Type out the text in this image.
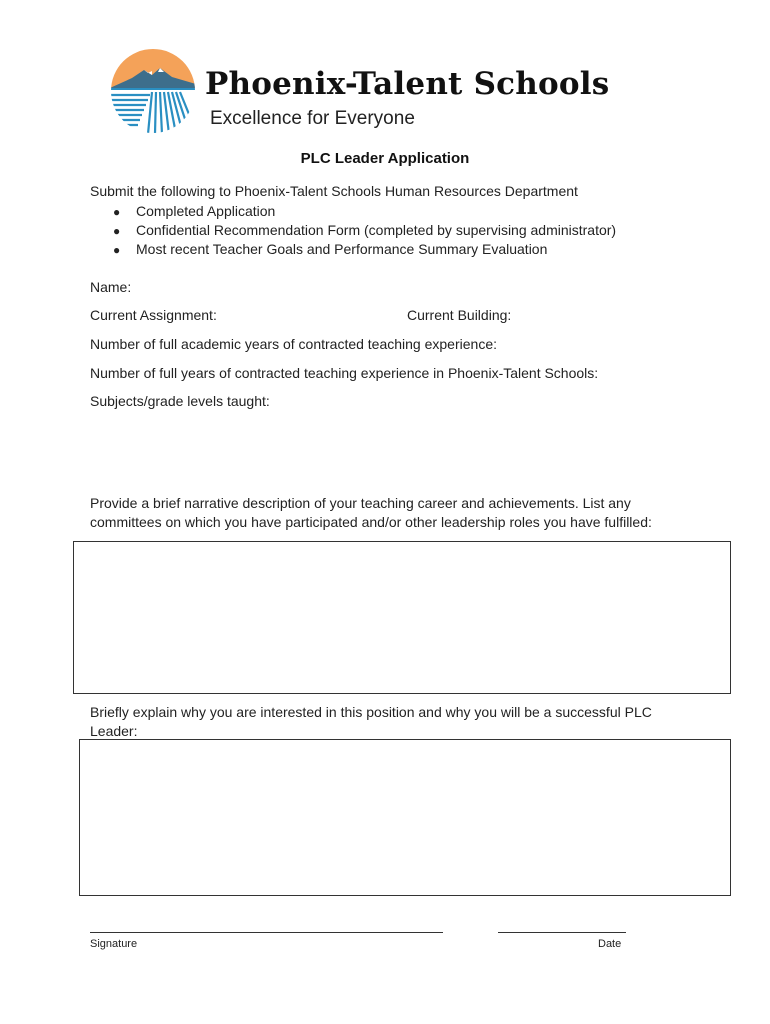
Phoenix-Talent Schools
Excellence for Everyone
PLC Leader Application
Submit the following to Phoenix-Talent Schools Human Resources Department
● Completed Application
● Confidential Recommendation Form (completed by supervising administrator)
● Most recent Teacher Goals and Performance Summary Evaluation
Name:
Current Assignment:	Current Building:
Number of full academic years of contracted teaching experience:
Number of full years of contracted teaching experience in Phoenix-Talent Schools:
Subjects/grade levels taught:
Provide a brief narrative description of your teaching career and achievements. List any
committees on which you have participated and/or other leadership roles you have fulfilled:
Briefly explain why you are interested in this position and why you will be a successful PLC
Leader:
Signature	Date
